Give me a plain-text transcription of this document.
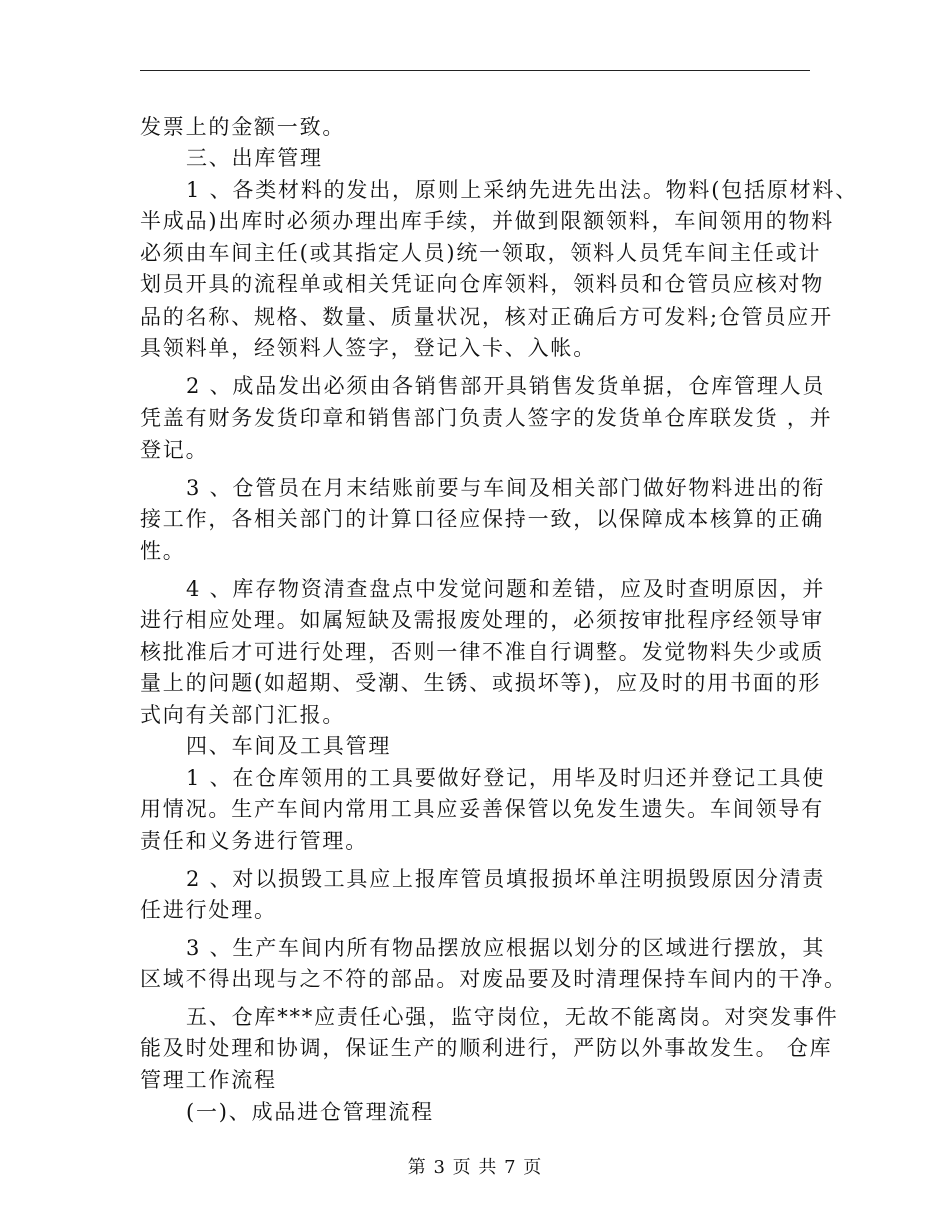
发票上的金额一致。
三、出库管理
1 、各类材料的发出，原则上采纳先进先出法。物料(包括原材料、
半成品)出库时必须办理出库手续，并做到限额领料，车间领用的物料
必须由车间主任(或其指定人员)统一领取，领料人员凭车间主任或计
划员开具的流程单或相关凭证向仓库领料，领料员和仓管员应核对物
品的名称、规格、数量、质量状况，核对正确后方可发料;仓管员应开
具领料单，经领料人签字，登记入卡、入帐。
2 、成品发出必须由各销售部开具销售发货单据，仓库管理人员
凭盖有财务发货印章和销售部门负责人签字的发货单仓库联发货 ，并
登记。
3 、仓管员在月末结账前要与车间及相关部门做好物料进出的衔
接工作，各相关部门的计算口径应保持一致，以保障成本核算的正确
性。
4 、库存物资清查盘点中发觉问题和差错，应及时查明原因，并
进行相应处理。如属短缺及需报废处理的，必须按审批程序经领导审
核批准后才可进行处理，否则一律不准自行调整。发觉物料失少或质
量上的问题(如超期、受潮、生锈、或损坏等)，应及时的用书面的形
式向有关部门汇报。
四、车间及工具管理
1 、在仓库领用的工具要做好登记，用毕及时归还并登记工具使
用情况。生产车间内常用工具应妥善保管以免发生遗失。车间领导有
责任和义务进行管理。
2 、对以损毁工具应上报库管员填报损坏单注明损毁原因分清责
任进行处理。
3 、生产车间内所有物品摆放应根据以划分的区域进行摆放，其
区域不得出现与之不符的部品。对废品要及时清理保持车间内的干净。
五、仓库***应责任心强，监守岗位，无故不能离岗。对突发事件
能及时处理和协调，保证生产的顺利进行，严防以外事故发生。 仓库
管理工作流程
(一)、成品进仓管理流程
第 3 页 共 7 页
